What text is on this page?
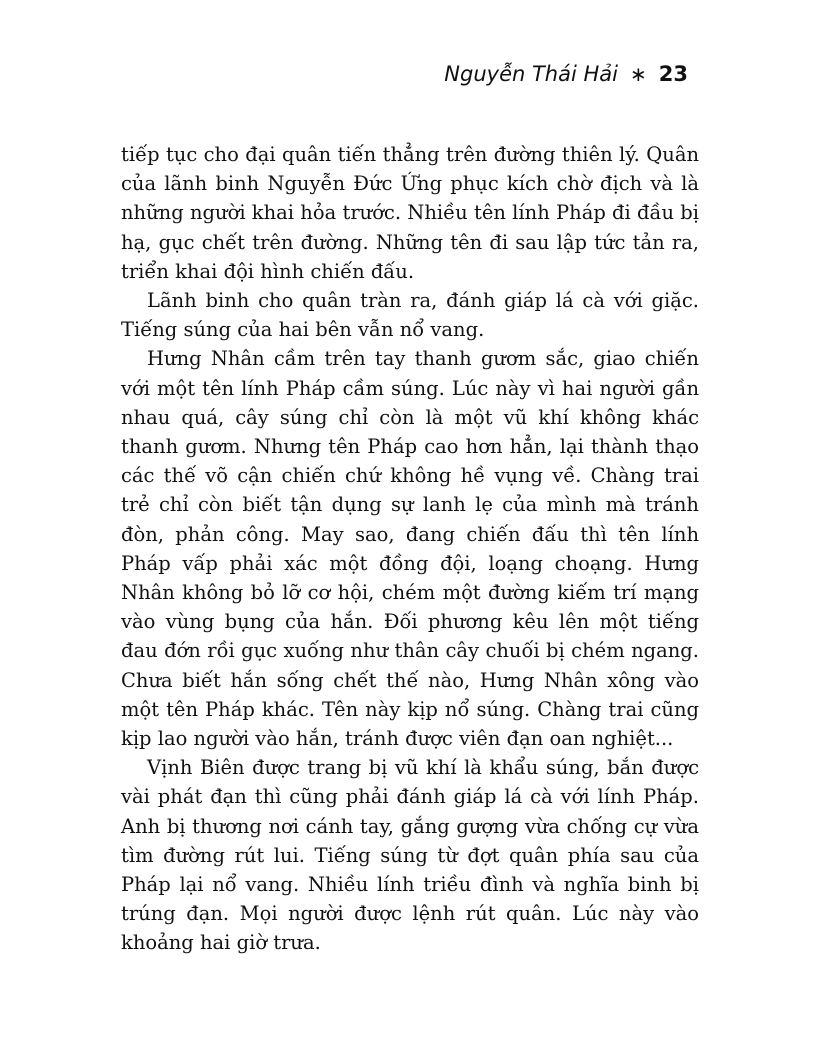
Nguyễn Thái Hải ∗ 23

tiếp tục cho đại quân tiến thẳng trên đường thiên lý. Quân của lãnh binh Nguyễn Đức Ứng phục kích chờ địch và là những người khai hỏa trước. Nhiều tên lính Pháp đi đầu bị hạ, gục chết trên đường. Những tên đi sau lập tức tản ra, triển khai đội hình chiến đấu.

Lãnh binh cho quân tràn ra, đánh giáp lá cà với giặc. Tiếng súng của hai bên vẫn nổ vang.

Hưng Nhân cầm trên tay thanh gươm sắc, giao chiến với một tên lính Pháp cầm súng. Lúc này vì hai người gần nhau quá, cây súng chỉ còn là một vũ khí không khác thanh gươm. Nhưng tên Pháp cao hơn hẳn, lại thành thạo các thế võ cận chiến chứ không hề vụng về. Chàng trai trẻ chỉ còn biết tận dụng sự lanh lẹ của mình mà tránh đòn, phản công. May sao, đang chiến đấu thì tên lính Pháp vấp phải xác một đồng đội, loạng choạng. Hưng Nhân không bỏ lỡ cơ hội, chém một đường kiếm trí mạng vào vùng bụng của hắn. Đối phương kêu lên một tiếng đau đớn rồi gục xuống như thân cây chuối bị chém ngang. Chưa biết hắn sống chết thế nào, Hưng Nhân xông vào một tên Pháp khác. Tên này kịp nổ súng. Chàng trai cũng kịp lao người vào hắn, tránh được viên đạn oan nghiệt...

Vịnh Biên được trang bị vũ khí là khẩu súng, bắn được vài phát đạn thì cũng phải đánh giáp lá cà với lính Pháp. Anh bị thương nơi cánh tay, gắng gượng vừa chống cự vừa tìm đường rút lui. Tiếng súng từ đợt quân phía sau của Pháp lại nổ vang. Nhiều lính triều đình và nghĩa binh bị trúng đạn. Mọi người được lệnh rút quân. Lúc này vào khoảng hai giờ trưa.
